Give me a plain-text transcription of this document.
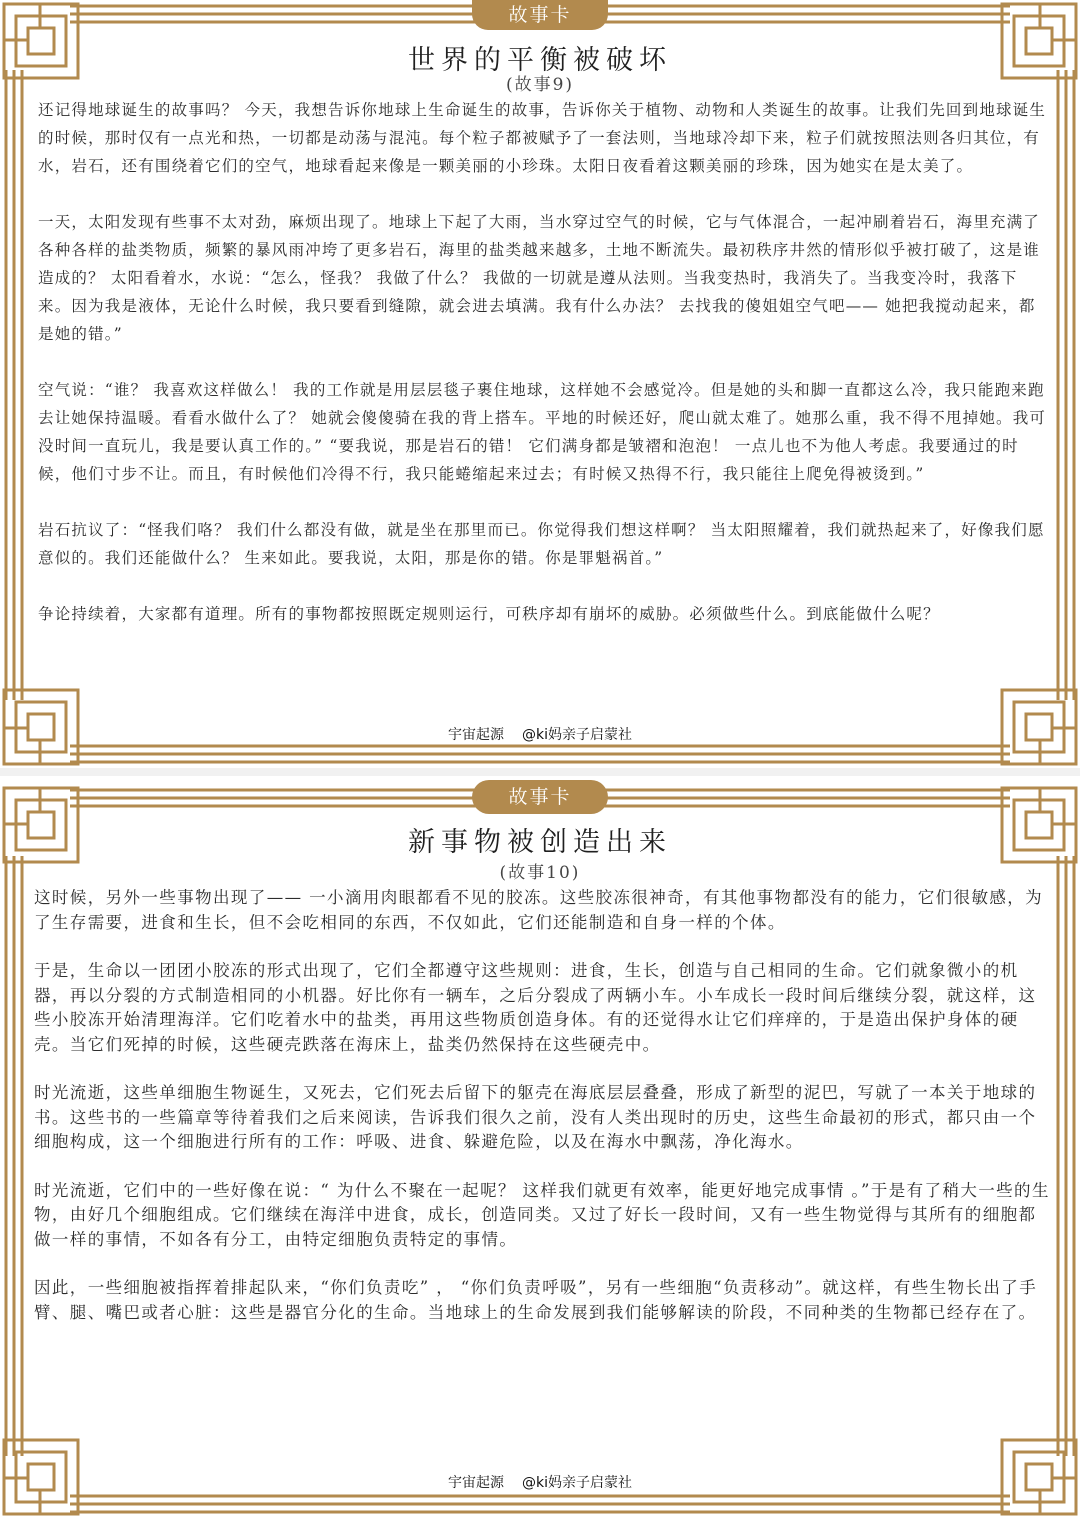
故事卡
世界的平衡被破坏
(故事9)

还记得地球诞生的故事吗？ 今天，我想告诉你地球上生命诞生的故事，告诉你关于植物、动物和人类诞生的故事。让我们先回到地球诞生的时候，那时仅有一点光和热，一切都是动荡与混沌。每个粒子都被赋予了一套法则，当地球冷却下来，粒子们就按照法则各归其位，有水，岩石，还有围绕着它们的空气，地球看起来像是一颗美丽的小珍珠。太阳日夜看着这颗美丽的珍珠，因为她实在是太美了。

一天，太阳发现有些事不太对劲，麻烦出现了。地球上下起了大雨，当水穿过空气的时候，它与气体混合，一起冲刷着岩石，海里充满了各种各样的盐类物质，频繁的暴风雨冲垮了更多岩石，海里的盐类越来越多，土地不断流失。最初秩序井然的情形似乎被打破了，这是谁造成的？ 太阳看着水，水说：“怎么，怪我？ 我做了什么？ 我做的一切就是遵从法则。当我变热时，我消失了。当我变冷时，我落下来。因为我是液体，无论什么时候，我只要看到缝隙，就会进去填满。我有什么办法？ 去找我的傻姐姐空气吧—— 她把我搅动起来，都是她的错。”

空气说：“谁？ 我喜欢这样做么！ 我的工作就是用层层毯子裹住地球，这样她不会感觉冷。但是她的头和脚一直都这么冷，我只能跑来跑去让她保持温暖。看看水做什么了？ 她就会傻傻骑在我的背上搭车。平地的时候还好，爬山就太难了。她那么重，我不得不甩掉她。我可没时间一直玩儿，我是要认真工作的。” “要我说，那是岩石的错！ 它们满身都是皱褶和泡泡！ 一点儿也不为他人考虑。我要通过的时候，他们寸步不让。而且，有时候他们冷得不行，我只能蜷缩起来过去；有时候又热得不行，我只能往上爬免得被烫到。”

岩石抗议了：“怪我们咯？ 我们什么都没有做，就是坐在那里而已。你觉得我们想这样啊？ 当太阳照耀着，我们就热起来了，好像我们愿意似的。我们还能做什么？ 生来如此。要我说，太阳，那是你的错。你是罪魁祸首。”

争论持续着，大家都有道理。所有的事物都按照既定规则运行，可秩序却有崩坏的威胁。必须做些什么。到底能做什么呢？

宇宙起源 @ki妈亲子启蒙社
故事卡
新事物被创造出来
(故事10)

这时候，另外一些事物出现了—— 一小滴用肉眼都看不见的胶冻。这些胶冻很神奇，有其他事物都没有的能力，它们很敏感，为了生存需要，进食和生长，但不会吃相同的东西，不仅如此，它们还能制造和自身一样的个体。

于是，生命以一团团小胶冻的形式出现了，它们全都遵守这些规则：进食，生长，创造与自己相同的生命。它们就象微小的机器，再以分裂的方式制造相同的小机器。好比你有一辆车，之后分裂成了两辆小车。小车成长一段时间后继续分裂，就这样，这些小胶冻开始清理海洋。它们吃着水中的盐类，再用这些物质创造身体。有的还觉得水让它们痒痒的，于是造出保护身体的硬壳。当它们死掉的时候，这些硬壳跌落在海床上，盐类仍然保持在这些硬壳中。

时光流逝，这些单细胞生物诞生，又死去，它们死去后留下的躯壳在海底层层叠叠，形成了新型的泥巴，写就了一本关于地球的书。这些书的一些篇章等待着我们之后来阅读，告诉我们很久之前，没有人类出现时的历史，这些生命最初的形式，都只由一个细胞构成，这一个细胞进行所有的工作：呼吸、进食、躲避危险，以及在海水中飘荡，净化海水。

时光流逝，它们中的一些好像在说：“ 为什么不聚在一起呢？ 这样我们就更有效率，能更好地完成事情 。”于是有了稍大一些的生物，由好几个细胞组成。它们继续在海洋中进食，成长，创造同类。又过了好长一段时间，又有一些生物觉得与其所有的细胞都做一样的事情，不如各有分工，由特定细胞负责特定的事情。

因此，一些细胞被指挥着排起队来，“你们负责吃” ， “你们负责呼吸”，另有一些细胞“负责移动”。就这样，有些生物长出了手臂、腿、嘴巴或者心脏：这些是器官分化的生命。当地球上的生命发展到我们能够解读的阶段，不同种类的生物都已经存在了。

宇宙起源 @ki妈亲子启蒙社
